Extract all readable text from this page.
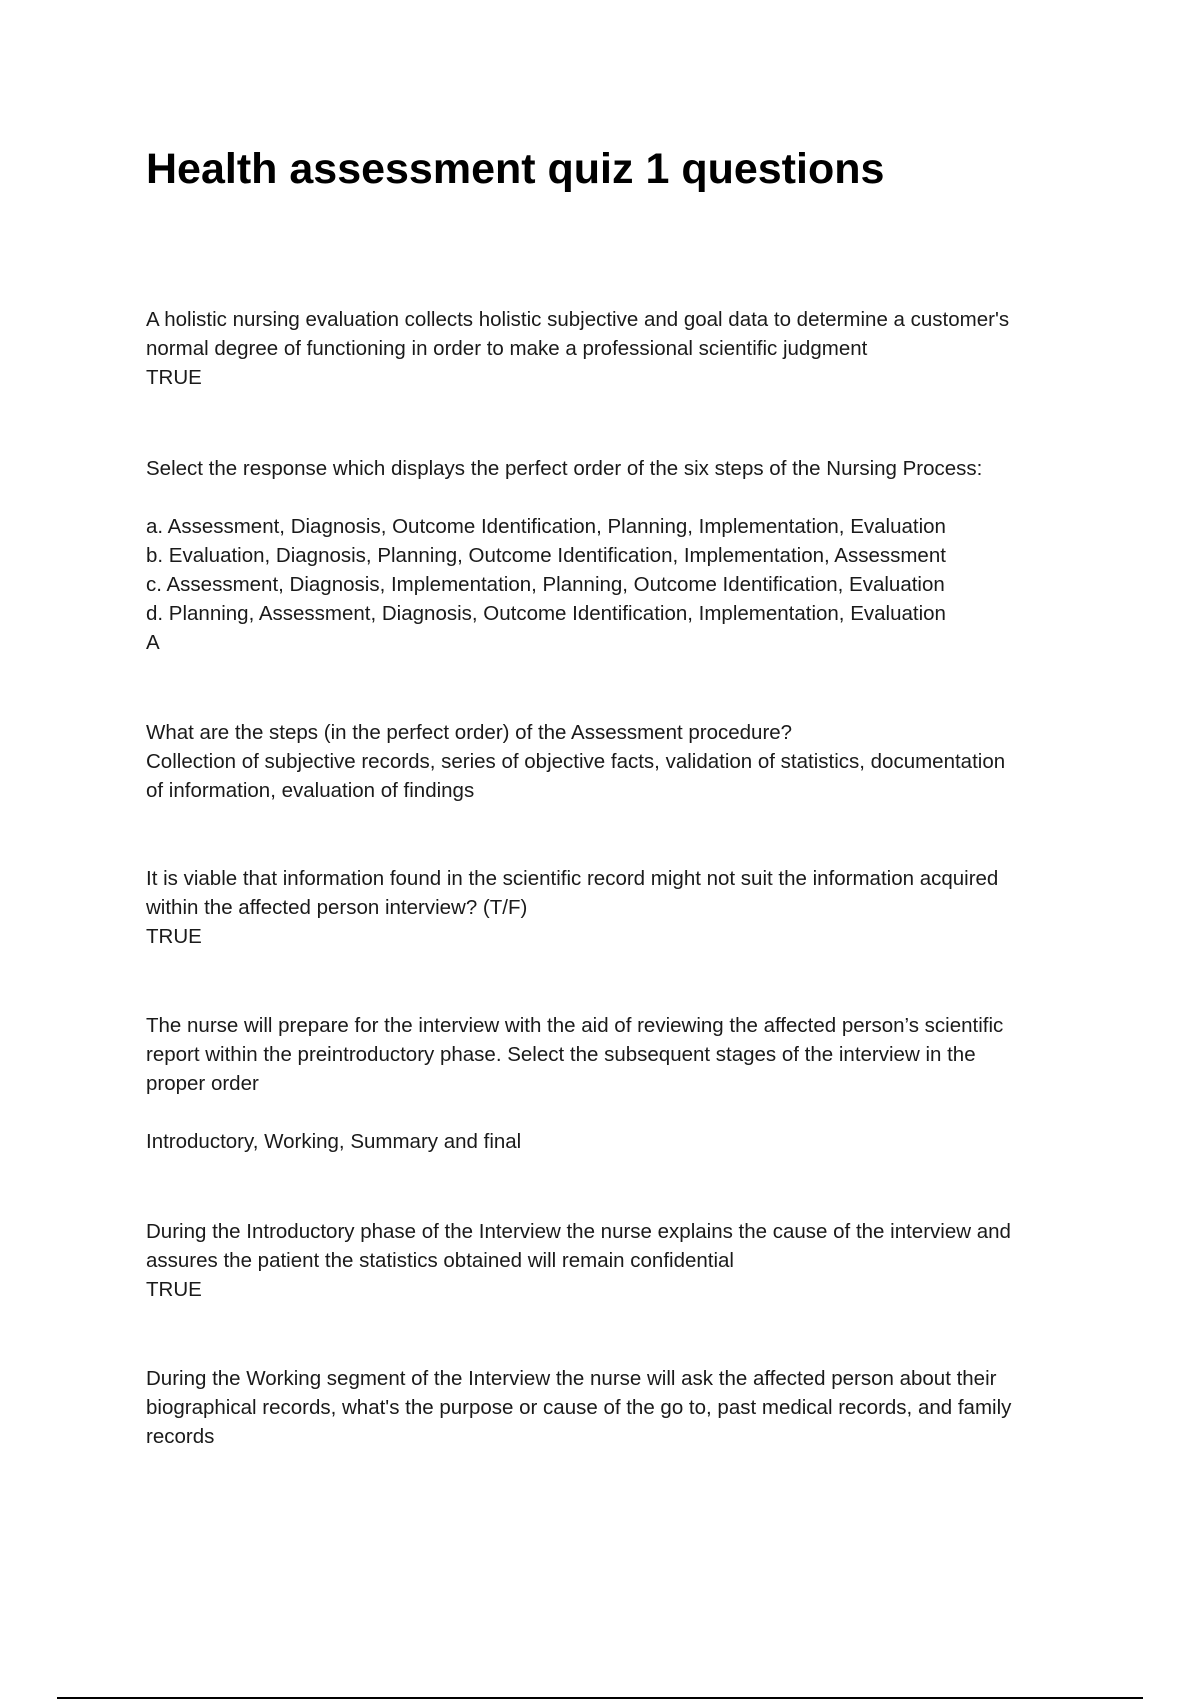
Health assessment quiz 1 questions
A holistic nursing evaluation collects holistic subjective and goal data to determine a customer's
normal degree of functioning in order to make a professional scientific judgment
TRUE
Select the response which displays the perfect order of the six steps of the Nursing Process:
a. Assessment, Diagnosis, Outcome Identification, Planning, Implementation, Evaluation
b. Evaluation, Diagnosis, Planning, Outcome Identification, Implementation, Assessment
c. Assessment, Diagnosis, Implementation, Planning, Outcome Identification, Evaluation
d. Planning, Assessment, Diagnosis, Outcome Identification, Implementation, Evaluation
A
What are the steps (in the perfect order) of the Assessment procedure?
Collection of subjective records, series of objective facts, validation of statistics, documentation
of information, evaluation of findings
It is viable that information found in the scientific record might not suit the information acquired
within the affected person interview? (T/F)
TRUE
The nurse will prepare for the interview with the aid of reviewing the affected person’s scientific
report within the preintroductory phase. Select the subsequent stages of the interview in the
proper order
Introductory, Working, Summary and final
During the Introductory phase of the Interview the nurse explains the cause of the interview and
assures the patient the statistics obtained will remain confidential
TRUE
During the Working segment of the Interview the nurse will ask the affected person about their
biographical records, what's the purpose or cause of the go to, past medical records, and family
records
